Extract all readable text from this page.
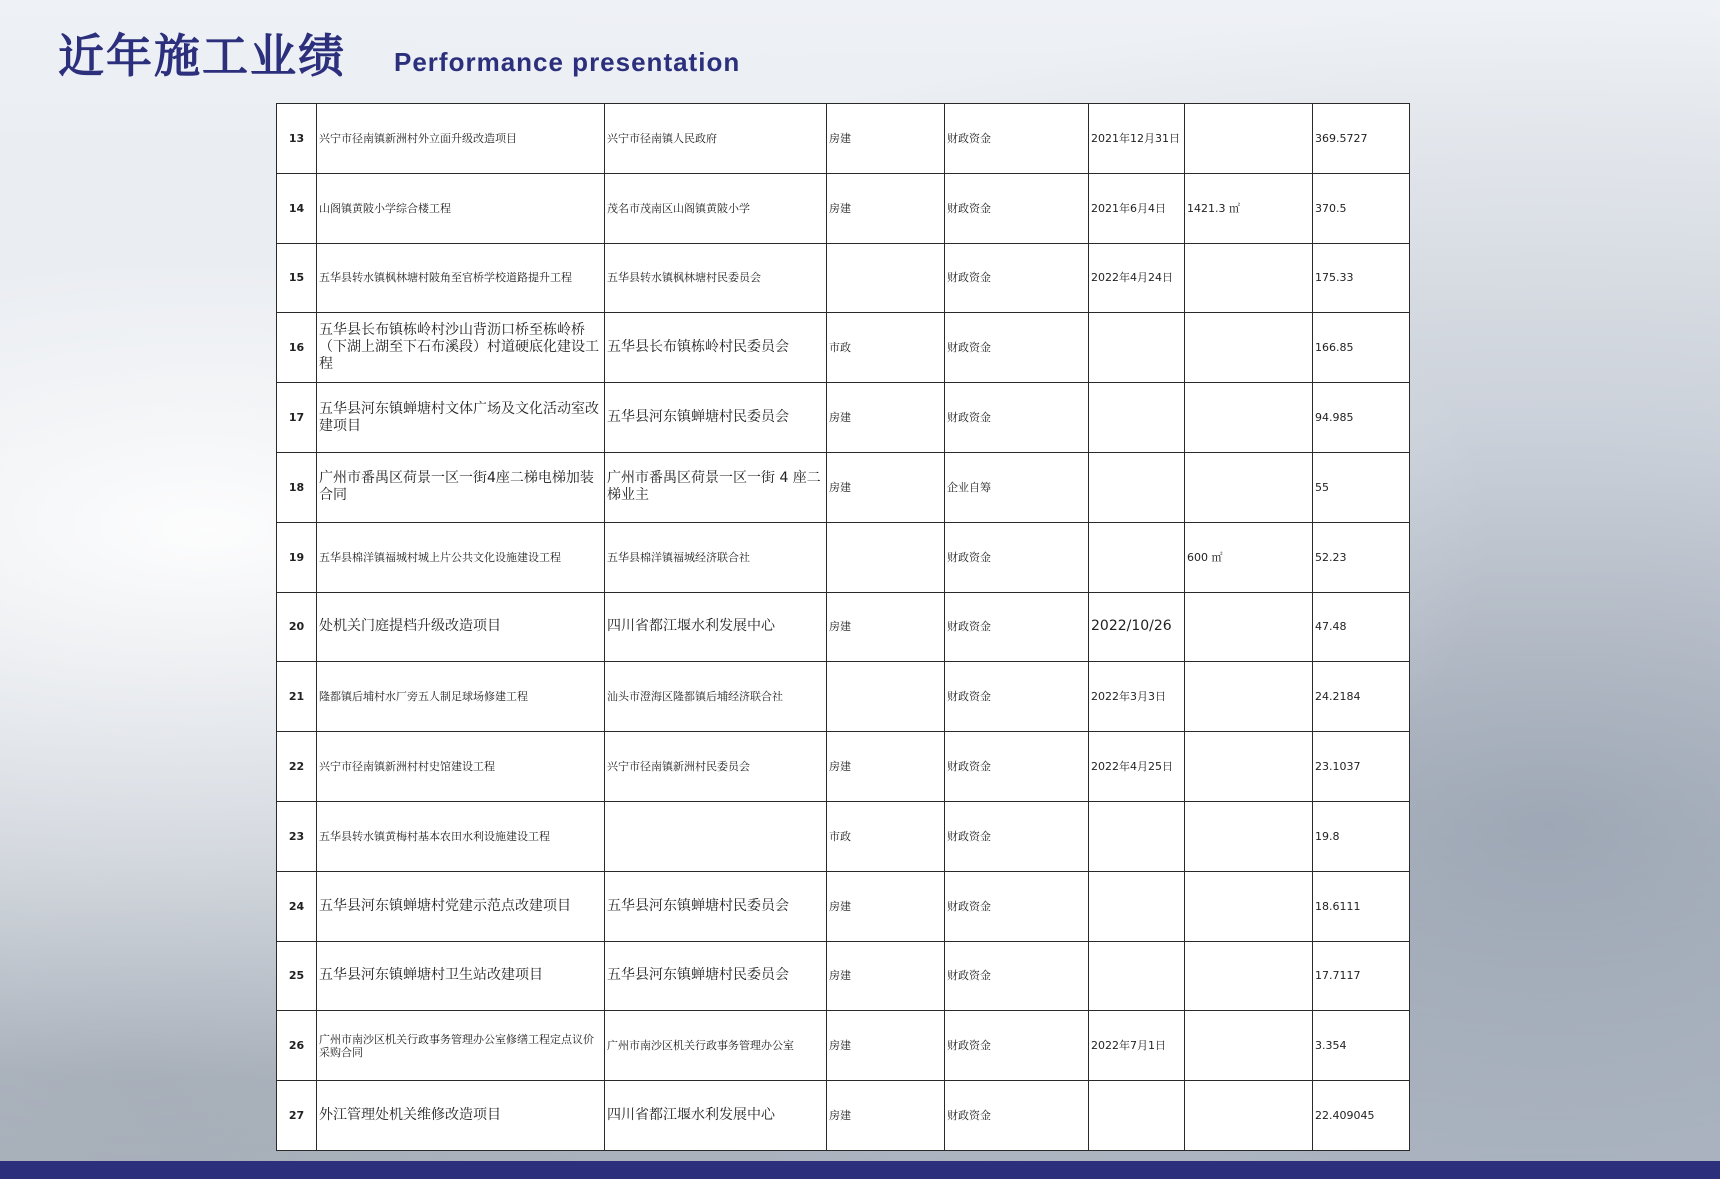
近年施工业绩 Performance presentation
13	兴宁市径南镇新洲村外立面升级改造项目	兴宁市径南镇人民政府	房建	财政资金	2021年12月31日		369.5727
14	山阁镇黄陂小学综合楼工程	茂名市茂南区山阁镇黄陂小学	房建	财政资金	2021年6月4日	1421.3 ㎡	370.5
15	五华县转水镇枫林塘村陂角至官桥学校道路提升工程	五华县转水镇枫林塘村民委员会		财政资金	2022年4月24日		175.33
16	五华县长布镇栋岭村沙山背沥口桥至栋岭桥（下湖上湖至下石布溪段）村道硬底化建设工程	五华县长布镇栋岭村民委员会	市政	财政资金			166.85
17	五华县河东镇蝉塘村文体广场及文化活动室改建项目	五华县河东镇蝉塘村民委员会	房建	财政资金			94.985
18	广州市番禺区荷景一区一街4座二梯电梯加装合同	广州市番禺区荷景一区一街 4 座二梯业主	房建	企业自筹			55
19	五华县棉洋镇福城村城上片公共文化设施建设工程	五华县棉洋镇福城经济联合社		财政资金		600 ㎡	52.23
20	处机关门庭提档升级改造项目	四川省都江堰水利发展中心	房建	财政资金	2022/10/26		47.48
21	隆都镇后埔村水厂旁五人制足球场修建工程	汕头市澄海区隆都镇后埔经济联合社		财政资金	2022年3月3日		24.2184
22	兴宁市径南镇新洲村村史馆建设工程	兴宁市径南镇新洲村民委员会	房建	财政资金	2022年4月25日		23.1037
23	五华县转水镇黄梅村基本农田水利设施建设工程		市政	财政资金			19.8
24	五华县河东镇蝉塘村党建示范点改建项目	五华县河东镇蝉塘村民委员会	房建	财政资金			18.6111
25	五华县河东镇蝉塘村卫生站改建项目	五华县河东镇蝉塘村民委员会	房建	财政资金			17.7117
26	广州市南沙区机关行政事务管理办公室修缮工程定点议价采购合同	广州市南沙区机关行政事务管理办公室	房建	财政资金	2022年7月1日		3.354
27	外江管理处机关维修改造项目	四川省都江堰水利发展中心	房建	财政资金			22.409045
